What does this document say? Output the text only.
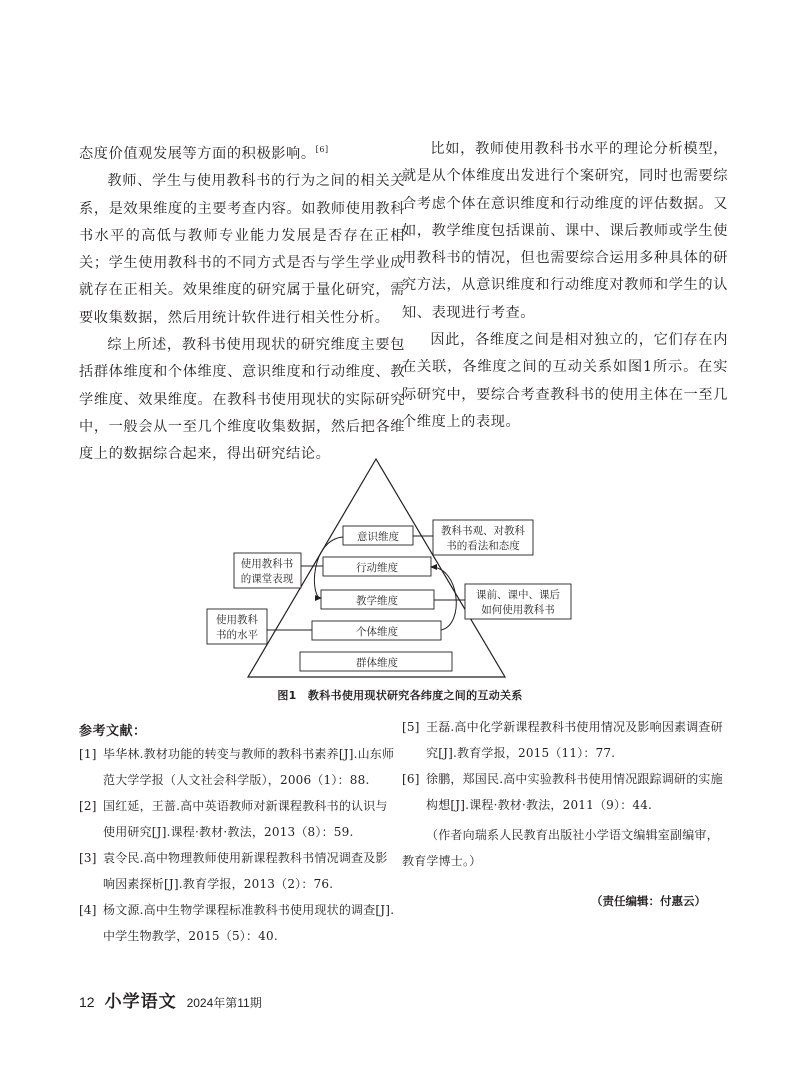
态度价值观发展等方面的积极影响。[6]

教师、学生与使用教科书的行为之间的相关关系，是效果维度的主要考查内容。如教师使用教科书水平的高低与教师专业能力发展是否存在正相关；学生使用教科书的不同方式是否与学生学业成就存在正相关。效果维度的研究属于量化研究，需要收集数据，然后用统计软件进行相关性分析。

综上所述，教科书使用现状的研究维度主要包括群体维度和个体维度、意识维度和行动维度、教学维度、效果维度。在教科书使用现状的实际研究中，一般会从一至几个维度收集数据，然后把各维度上的数据综合起来，得出研究结论。

比如，教师使用教科书水平的理论分析模型，就是从个体维度出发进行个案研究，同时也需要综合考虑个体在意识维度和行动维度的评估数据。又如，教学维度包括课前、课中、课后教师或学生使用教科书的情况，但也需要综合运用多种具体的研究方法，从意识维度和行动维度对教师和学生的认知、表现进行考查。

因此，各维度之间是相对独立的，它们存在内在关联，各维度之间的互动关系如图1所示。在实际研究中，要综合考查教科书的使用主体在一至几个维度上的表现。

意识维度
行动维度
教学维度
个体维度
群体维度
教科书观、对教科
书的看法和态度
使用教科书
的课堂表现
课前、课中、课后
如何使用教科书
使用教科
书的水平
图1　教科书使用现状研究各纬度之间的互动关系
参考文献：
[1] 毕华林.教材功能的转变与教师的教科书素养[J].山东师范大学学报（人文社会科学版），2006（1）：88.
[2] 国红延，王蔷.高中英语教师对新课程教科书的认识与使用研究[J].课程·教材·教法，2013（8）：59.
[3] 袁令民.高中物理教师使用新课程教科书情况调查及影响因素探析[J].教育学报，2013（2）：76.
[4] 杨文源.高中生物学课程标准教科书使用现状的调查[J].中学生物教学，2015（5）：40.
[5] 王磊.高中化学新课程教科书使用情况及影响因素调查研究[J].教育学报，2015（11）：77.
[6] 徐鹏，郑国民.高中实验教科书使用情况跟踪调研的实施构想[J].课程·教材·教法，2011（9）：44.
（作者向瑞系人民教育出版社小学语文编辑室副编审，教育学博士。）
（责任编辑：付惠云）
12 小学语文 2024年第11期
